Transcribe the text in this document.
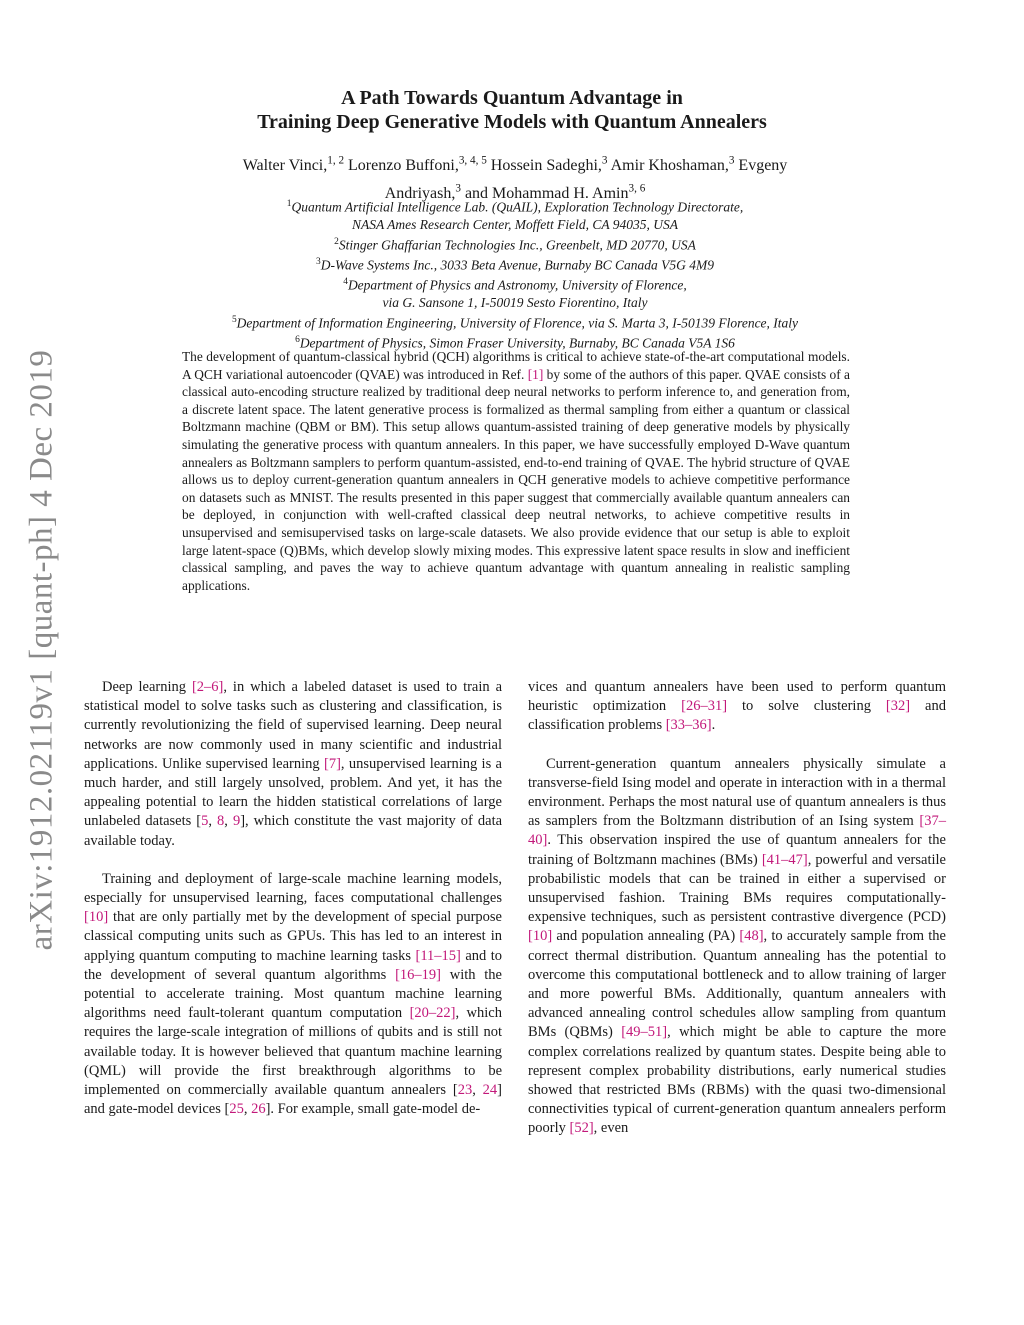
arXiv:1912.02119v1 [quant-ph] 4 Dec 2019
A Path Towards Quantum Advantage in
Training Deep Generative Models with Quantum Annealers
Walter Vinci,$^{1, 2}$ Lorenzo Buffoni,$^{3, 4, 5}$ Hossein Sadeghi,$^3$ Amir Khoshaman,$^3$ Evgeny Andriyash,$^3$ and Mohammad H. Amin$^{3, 6}$
$^1$Quantum Artificial Intelligence Lab. (QuAIL), Exploration Technology Directorate,
NASA Ames Research Center, Moffett Field, CA 94035, USA
$^2$Stinger Ghaffarian Technologies Inc., Greenbelt, MD 20770, USA
$^3$D-Wave Systems Inc., 3033 Beta Avenue, Burnaby BC Canada V5G 4M9
$^4$Department of Physics and Astronomy, University of Florence,
via G. Sansone 1, I-50019 Sesto Fiorentino, Italy
$^5$Department of Information Engineering, University of Florence, via S. Marta 3, I-50139 Florence, Italy
$^6$Department of Physics, Simon Fraser University, Burnaby, BC Canada V5A 1S6
The development of quantum-classical hybrid (QCH) algorithms is critical to achieve state-of-the-art computational models. A QCH variational autoencoder (QVAE) was introduced in Ref. [1] by some of the authors of this paper. QVAE consists of a classical auto-encoding structure realized by traditional deep neural networks to perform inference to, and generation from, a discrete latent space. The latent generative process is formalized as thermal sampling from either a quantum or classical Boltzmann machine (QBM or BM). This setup allows quantum-assisted training of deep generative models by physically simulating the generative process with quantum annealers. In this paper, we have successfully employed D-Wave quantum annealers as Boltzmann samplers to perform quantum-assisted, end-to-end training of QVAE. The hybrid structure of QVAE allows us to deploy current-generation quantum annealers in QCH generative models to achieve competitive performance on datasets such as MNIST. The results presented in this paper suggest that commercially available quantum annealers can be deployed, in conjunction with well-crafted classical deep neutral networks, to achieve competitive results in unsupervised and semisupervised tasks on large-scale datasets. We also provide evidence that our setup is able to exploit large latent-space (Q)BMs, which develop slowly mixing modes. This expressive latent space results in slow and inefficient classical sampling, and paves the way to achieve quantum advantage with quantum annealing in realistic sampling applications.

Deep learning [2–6], in which a labeled dataset is used to train a statistical model to solve tasks such as clustering and classification, is currently revolutionizing the field of supervised learning. Deep neural networks are now commonly used in many scientific and industrial applications. Unlike supervised learning [7], unsupervised learning is a much harder, and still largely unsolved, problem. And yet, it has the appealing potential to learn the hidden statistical correlations of large unlabeled datasets [5, 8, 9], which constitute the vast majority of data available today.

Training and deployment of large-scale machine learning models, especially for unsupervised learning, faces computational challenges [10] that are only partially met by the development of special purpose classical computing units such as GPUs. This has led to an interest in applying quantum computing to machine learning tasks [11–15] and to the development of several quantum algorithms [16–19] with the potential to accelerate training. Most quantum machine learning algorithms need fault-tolerant quantum computation [20–22], which requires the large-scale integration of millions of qubits and is still not available today. It is however believed that quantum machine learning (QML) will provide the first breakthrough algorithms to be implemented on commercially available quantum annealers [23, 24] and gate-model devices [25, 26]. For example, small gate-model de-

vices and quantum annealers have been used to perform quantum heuristic optimization [26–31] to solve clustering [32] and classification problems [33–36].

Current-generation quantum annealers physically simulate a transverse-field Ising model and operate in interaction with in a thermal environment. Perhaps the most natural use of quantum annealers is thus as samplers from the Boltzmann distribution of an Ising system [37–40]. This observation inspired the use of quantum annealers for the training of Boltzmann machines (BMs) [41–47], powerful and versatile probabilistic models that can be trained in either a supervised or unsupervised fashion. Training BMs requires computationally-expensive techniques, such as persistent contrastive divergence (PCD) [10] and population annealing (PA) [48], to accurately sample from the correct thermal distribution. Quantum annealing has the potential to overcome this computational bottleneck and to allow training of larger and more powerful BMs. Additionally, quantum annealers with advanced annealing control schedules allow sampling from quantum BMs (QBMs) [49–51], which might be able to capture the more complex correlations realized by quantum states. Despite being able to represent complex probability distributions, early numerical studies showed that restricted BMs (RBMs) with the quasi two-dimensional connectivities typical of current-generation quantum annealers perform poorly [52], even
